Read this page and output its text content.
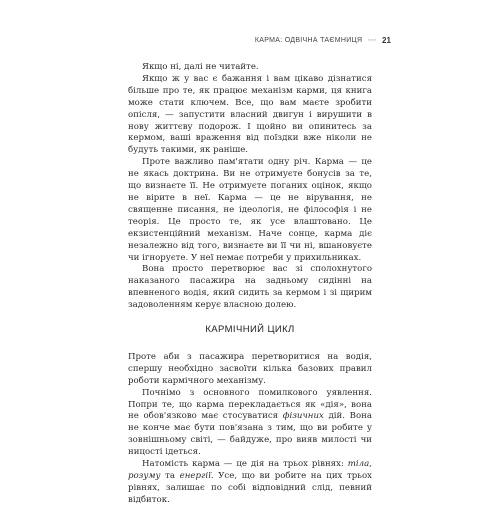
КАРМА: ОДВІЧНА ТАЄМНИЦЯ ◦◦◦ 21

Якщо ні, далі не читайте.

Якщо ж у вас є бажання і вам цікаво дізнатися більше про те, як працює механізм карми, ця книга може стати ключем. Все, що вам маєте зробити опісля, — запустити власний двигун і вирушити в нову життєву подорож. І щойно ви опинитесь за кермом, ваші враження від поїздки вже ніколи не будуть такими, як раніше.

Проте важливо пам'ятати одну річ. Карма — це не якась доктрина. Ви не отримуєте бонусів за те, що визнаєте її. Не отримуєте поганих оцінок, якщо не вірите в неї. Карма — це не вірування, не священне писання, не ідеологія, не філософія і не теорія. Це просто те, як усе влаштовано. Це екзистенційний механізм. Наче сонце, карма діє незалежно від того, визнаєте ви її чи ні, вшановуєте чи ігноруєте. У неї немає потреби у прихильниках.

Вона просто перетворює вас зі сполохнутого наказаного пасажира на задньому сидінні на впевненого водія, який сидить за кермом і зі щирим задоволенням керує власною долею.

КАРМІЧНИЙ ЦИКЛ

Проте аби з пасажира перетворитися на водія, спершу необхідно засвоїти кілька базових правил роботи кармічного механізму.

Почнімо з основного помилкового уявлення. Попри те, що карма перекладається як «дія», вона не обов'язково має стосуватися фізичних дій. Вона не конче має бути пов'язана з тим, що ви робите у зовнішньому світі, — байдуже, про вияв милості чи ницості ідеться.

Натомість карма — це дія на трьох рівнях: тіла, розуму та енергії. Усе, що ви робите на цих трьох рівнях, залишає по собі відповідний слід, певний відбиток.
